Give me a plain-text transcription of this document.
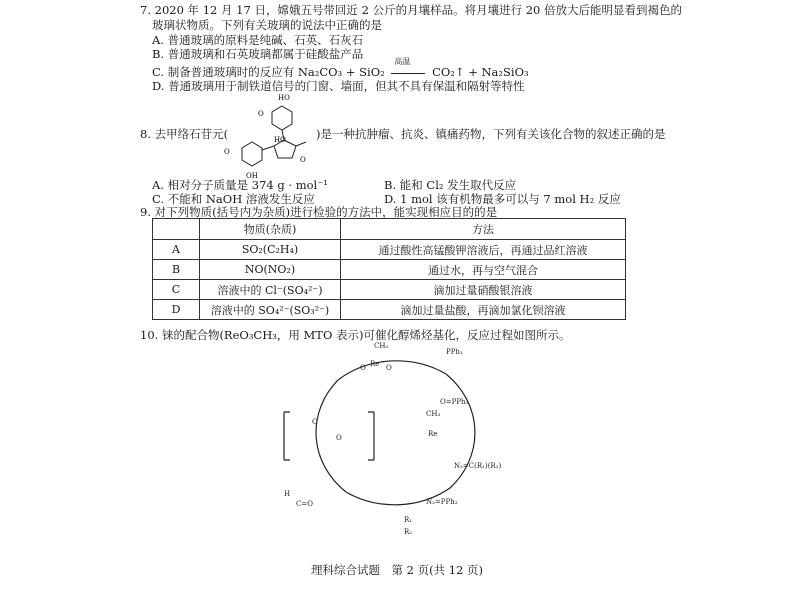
7. 2020 年 12 月 17 日，嫦娥五号带回近 2 公斤的月壤样品。将月壤进行 20 倍放大后能明显看到褐色的
玻璃状物质。下列有关玻璃的说法中正确的是
A. 普通玻璃的原料是纯碱、石英、石灰石
B. 普通玻璃和石英玻璃都属于硅酸盐产品
C. 制备普通玻璃时的反应有 Na₂CO₃ + SiO₂
高温
CO₂↑ + Na₂SiO₃
D. 普通玻璃用于制铁道信号的门窗、墙面，但其不具有保温和隔射等特性
8. 去甲络石苷元(
HO
O
HO
O
O
OH
)是一种抗肿瘤、抗炎、镇痛药物，下列有关该化合物的叙述正确的是
A. 相对分子质量是 374 g · mol⁻¹	B. 能和 Cl₂ 发生取代反应
C. 不能和 NaOH 溶液发生反应	D. 1 mol 该有机物最多可以与 7 mol H₂ 反应
9. 对下列物质(括号内为杂质)进行检验的方法中，能实现相应目的的是
	物质(杂质)	方法
A	SO₂(C₂H₄)	通过酸性高锰酸钾溶液后，再通过品红溶液
B	NO(NO₂)	通过水，再与空气混合
C	溶液中的 Cl⁻(SO₄²⁻)	滴加过量硝酸银溶液
D	溶液中的 SO₄²⁻(SO₃²⁻)	滴加过量盐酸，再滴加氯化钡溶液
10. 铼的配合物(ReO₃CH₃，用 MTO 表示)可催化醇烯烃基化，反应过程如图所示。
CH₃
Re
O	O
PPh₃
O=PPh₃
CH₃
Re
O
O
N₂=C(R₁)(R₂)
N₂=PPh₃
R₁
R₂
C=O
H
理科综合试题　第 2 页(共 12 页)
